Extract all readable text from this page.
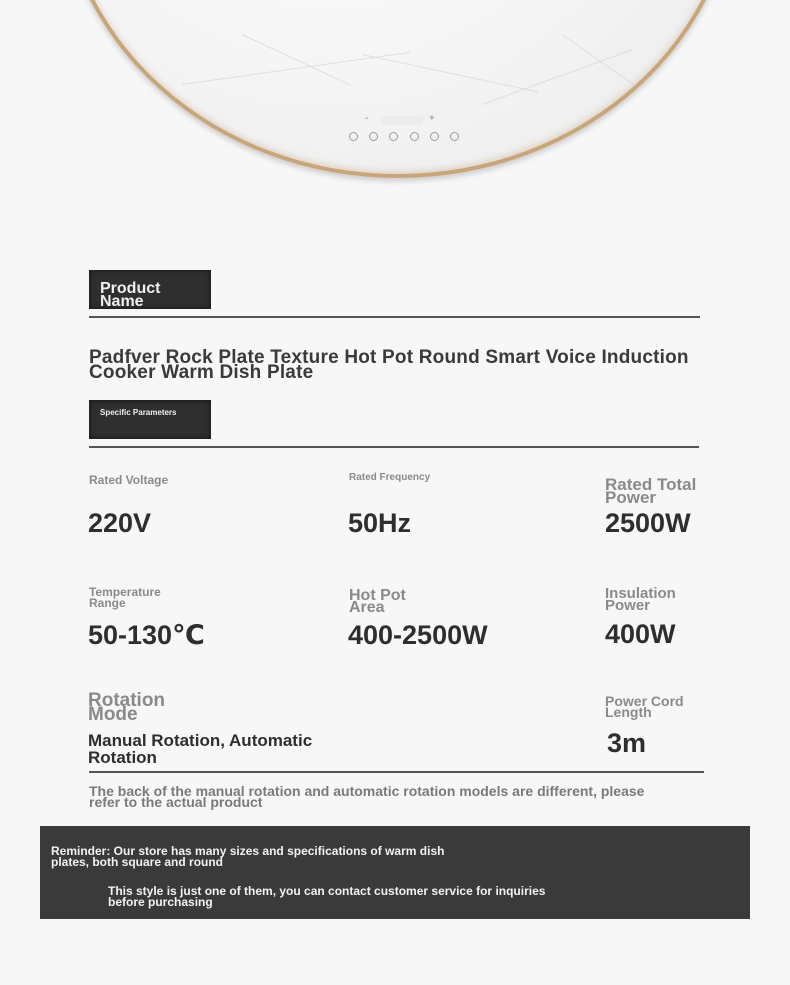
-	+
Product Name
Padfver Rock Plate Texture Hot Pot Round Smart Voice Induction Cooker Warm Dish Plate
Specific Parameters
Rated Voltage
220V
Rated Frequency
50Hz
Rated Total Power
2500W
Temperature Range
50-130℃
Hot Pot Area
400-2500W
Insulation Power
400W
Rotation Mode
Manual Rotation, Automatic Rotation
Power Cord Length
3m
The back of the manual rotation and automatic rotation models are different, please refer to the actual product
Reminder: Our store has many sizes and specifications of warm dish plates, both square and round
This style is just one of them, you can contact customer service for inquiries before purchasing
